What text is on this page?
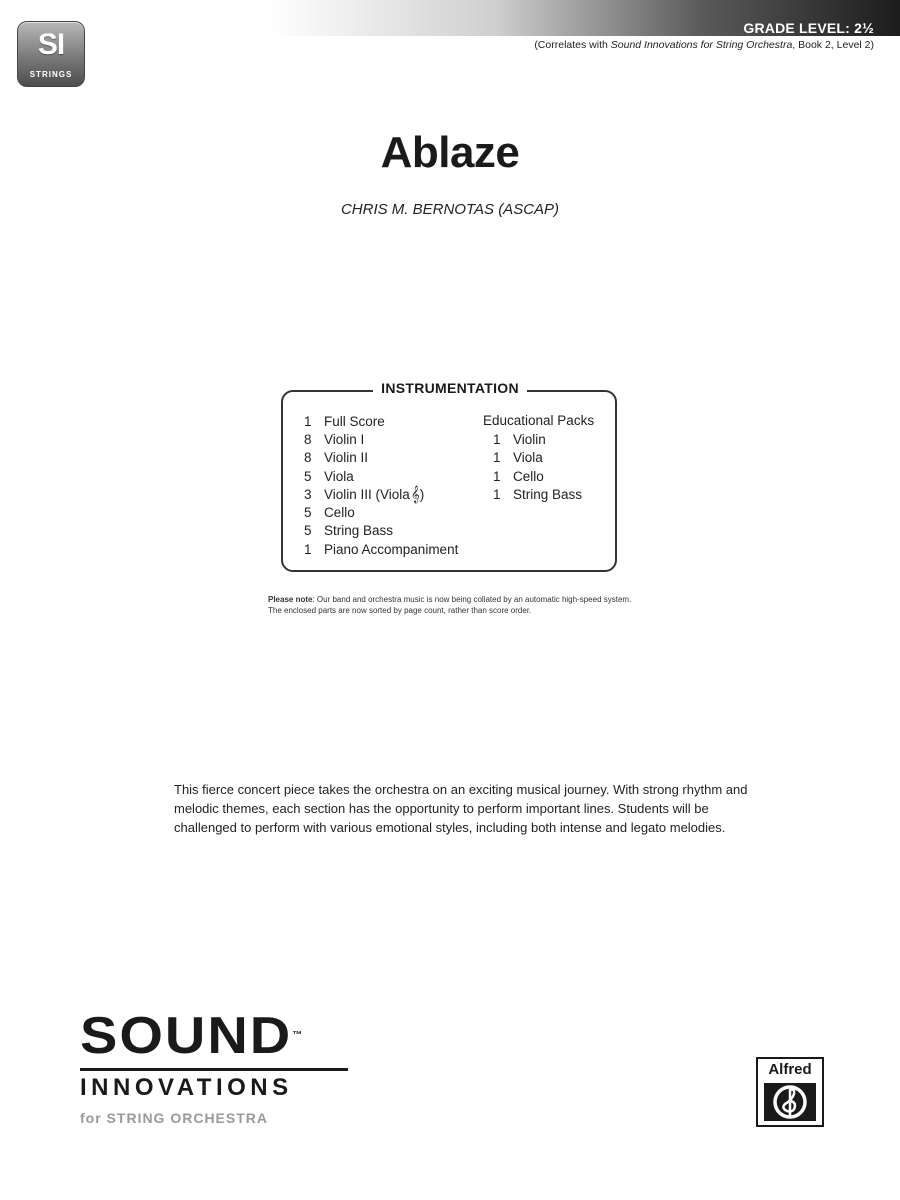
GRADE LEVEL: 2½
(Correlates with Sound Innovations for String Orchestra, Book 2, Level 2)
SI
STRINGS
Ablaze
CHRIS M. BERNOTAS (ASCAP)
INSTRUMENTATION
1 Full Score
8 Violin I
8 Violin II
5 Viola
3 Violin III (Viola 𝄞 )
5 Cello
5 String Bass
1 Piano Accompaniment
Educational Packs
1 Violin
1 Viola
1 Cello
1 String Bass
Please note: Our band and orchestra music is now being collated by an automatic high-speed system. The enclosed parts are now sorted by page count, rather than score order.
This fierce concert piece takes the orchestra on an exciting musical journey. With strong rhythm and melodic themes, each section has the opportunity to perform important lines. Students will be challenged to perform with various emotional styles, including both intense and legato melodies.
SOUND™
INNOVATIONS
for STRING ORCHESTRA
Alfred
